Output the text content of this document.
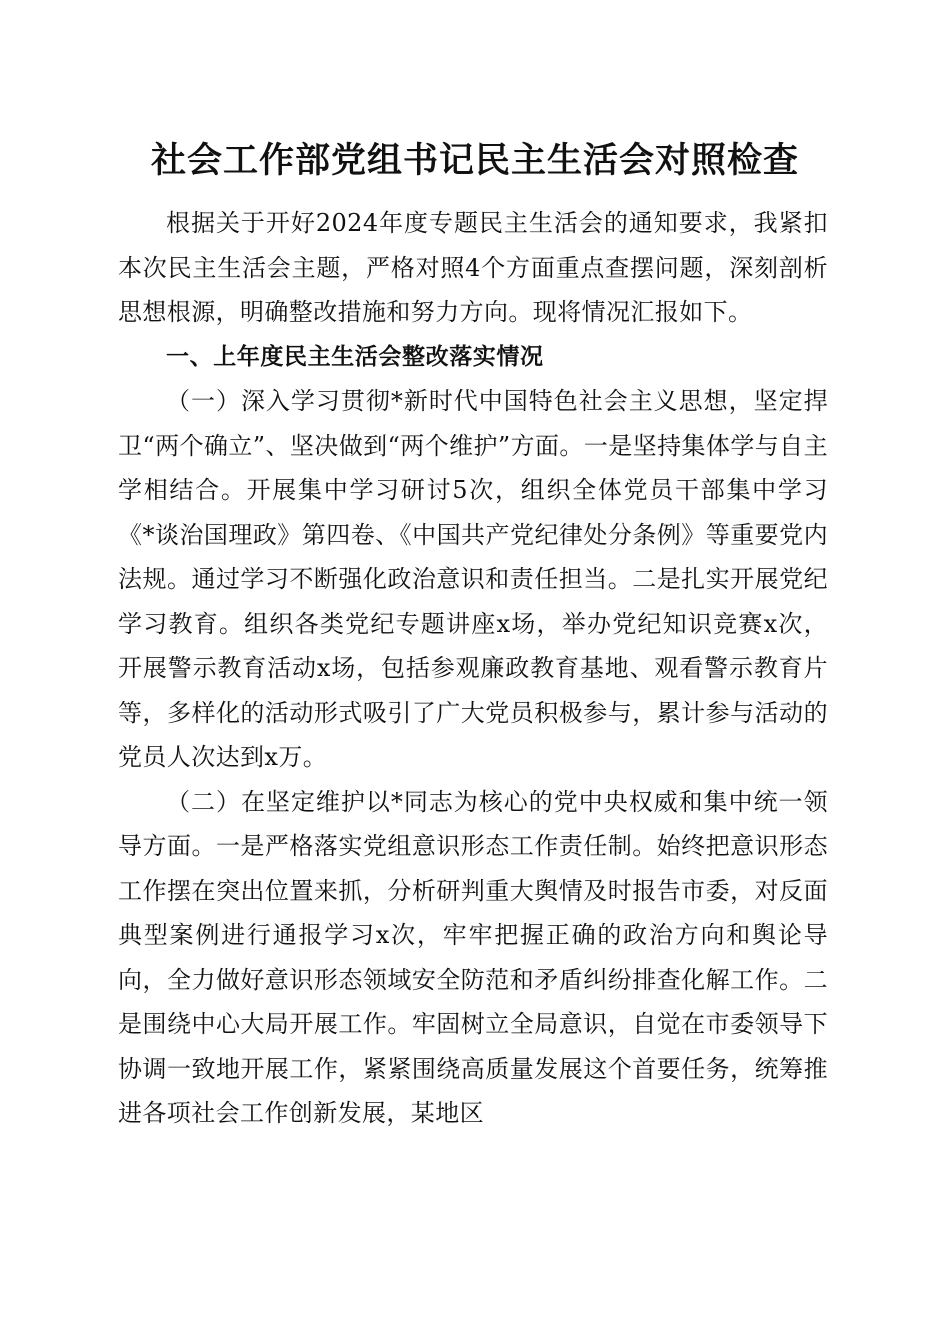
社会工作部党组书记民主生活会对照检查

根据关于开好2024年度专题民主生活会的通知要求，我紧扣本次民主生活会主题，严格对照4个方面重点查摆问题，深刻剖析思想根源，明确整改措施和努力方向。现将情况汇报如下。

一、上年度民主生活会整改落实情况

（一）深入学习贯彻*新时代中国特色社会主义思想，坚定捍卫“两个确立”、坚决做到“两个维护”方面。一是坚持集体学与自主学相结合。开展集中学习研讨5次，组织全体党员干部集中学习《*谈治国理政》第四卷、《中国共产党纪律处分条例》等重要党内法规。通过学习不断强化政治意识和责任担当。二是扎实开展党纪学习教育。组织各类党纪专题讲座x场，举办党纪知识竞赛x次，开展警示教育活动x场，包括参观廉政教育基地、观看警示教育片等，多样化的活动形式吸引了广大党员积极参与，累计参与活动的党员人次达到x万。

（二）在坚定维护以*同志为核心的党中央权威和集中统一领导方面。一是严格落实党组意识形态工作责任制。始终把意识形态工作摆在突出位置来抓，分析研判重大舆情及时报告市委，对反面典型案例进行通报学习x次，牢牢把握正确的政治方向和舆论导向，全力做好意识形态领域安全防范和矛盾纠纷排查化解工作。二是围绕中心大局开展工作。牢固树立全局意识，自觉在市委领导下协调一致地开展工作，紧紧围绕高质量发展这个首要任务，统筹推进各项社会工作创新发展，某地区
